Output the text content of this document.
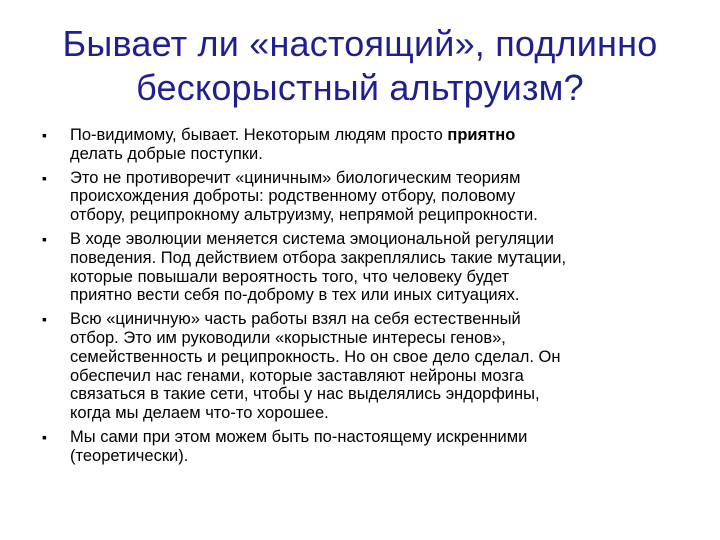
Бывает ли «настоящий», подлинно
бескорыстный альтруизм?
▪ По-видимому, бывает. Некоторым людям просто приятно
делать добрые поступки.
▪ Это не противоречит «циничным» биологическим теориям
происхождения доброты: родственному отбору, половому
отбору, реципрокному альтруизму, непрямой реципрокности.
▪ В ходе эволюции меняется система эмоциональной регуляции
поведения. Под действием отбора закреплялись такие мутации,
которые повышали вероятность того, что человеку будет
приятно вести себя по-доброму в тех или иных ситуациях.
▪ Всю «циничную» часть работы взял на себя естественный
отбор. Это им руководили «корыстные интересы генов»,
семейственность и реципрокность. Но он свое дело сделал. Он
обеспечил нас генами, которые заставляют нейроны мозга
связаться в такие сети, чтобы у нас выделялись эндорфины,
когда мы делаем что-то хорошее.
▪ Мы сами при этом можем быть по-настоящему искренними
(теоретически).
